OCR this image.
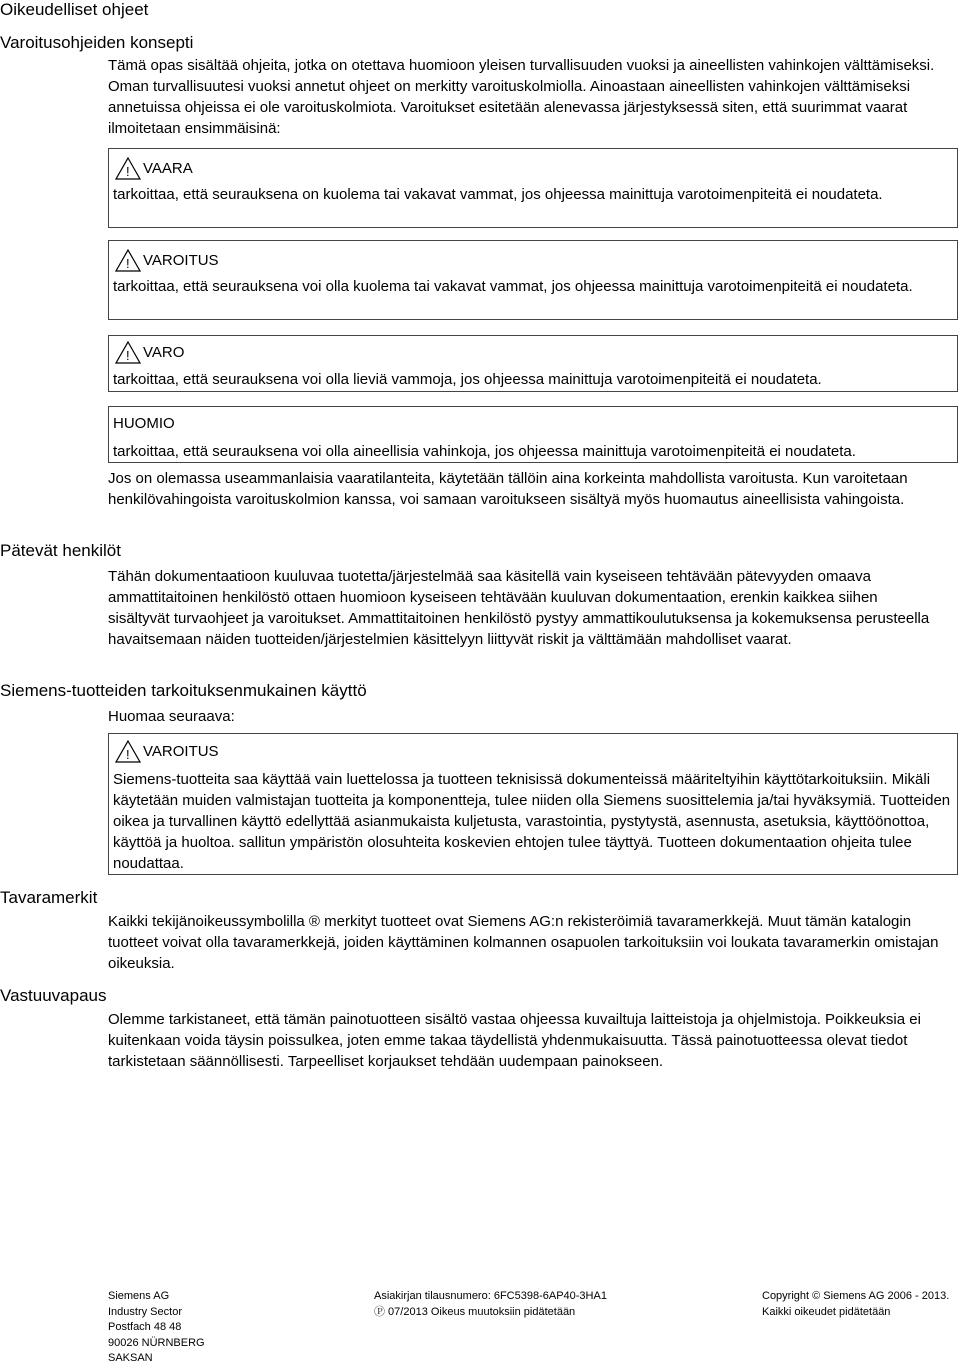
Oikeudelliset ohjeet
Varoitusohjeiden konsepti
Tämä opas sisältää ohjeita, jotka on otettava huomioon yleisen turvallisuuden vuoksi ja aineellisten vahinkojen välttämiseksi. Oman turvallisuutesi vuoksi annetut ohjeet on merkitty varoituskolmiolla. Ainoastaan aineellisten vahinkojen välttämiseksi annetuissa ohjeissa ei ole varoituskolmiota. Varoitukset esitetään alenevassa järjestyksessä siten, että suurimmat vaarat ilmoitetaan ensimmäisinä:
! VAARA
tarkoittaa, että seurauksena on kuolema tai vakavat vammat, jos ohjeessa mainittuja varotoimenpiteitä ei noudateta.
! VAROITUS
tarkoittaa, että seurauksena voi olla kuolema tai vakavat vammat, jos ohjeessa mainittuja varotoimenpiteitä ei noudateta.
! VARO
tarkoittaa, että seurauksena voi olla lieviä vammoja, jos ohjeessa mainittuja varotoimenpiteitä ei noudateta.
HUOMIO
tarkoittaa, että seurauksena voi olla aineellisia vahinkoja, jos ohjeessa mainittuja varotoimenpiteitä ei noudateta.
Jos on olemassa useammanlaisia vaaratilanteita, käytetään tällöin aina korkeinta mahdollista varoitusta. Kun varoitetaan henkilövahingoista varoituskolmion kanssa, voi samaan varoitukseen sisältyä myös huomautus aineellisista vahingoista.
Pätevät henkilöt
Tähän dokumentaatioon kuuluvaa tuotetta/järjestelmää saa käsitellä vain kyseiseen tehtävään pätevyyden omaava ammattitaitoinen henkilöstö ottaen huomioon kyseiseen tehtävään kuuluvan dokumentaation, erenkin kaikkea siihen sisältyvät turvaohjeet ja varoitukset. Ammattitaitoinen henkilöstö pystyy ammattikoulutuksensa ja kokemuksensa perusteella havaitsemaan näiden tuotteiden/järjestelmien käsittelyyn liittyvät riskit ja välttämään mahdolliset vaarat.
Siemens-tuotteiden tarkoituksenmukainen käyttö
Huomaa seuraava:
! VAROITUS
Siemens-tuotteita saa käyttää vain luettelossa ja tuotteen teknisissä dokumenteissä määriteltyihin käyttötarkoituksiin. Mikäli käytetään muiden valmistajan tuotteita ja komponentteja, tulee niiden olla Siemens suosittelemia ja/tai hyväksymiä. Tuotteiden oikea ja turvallinen käyttö edellyttää asianmukaista kuljetusta, varastointia, pystytystä, asennusta, asetuksia, käyttöönottoa, käyttöä ja huoltoa. sallitun ympäristön olosuhteita koskevien ehtojen tulee täyttyä. Tuotteen dokumentaation ohjeita tulee noudattaa.
Tavaramerkit
Kaikki tekijänoikeussymbolilla ® merkityt tuotteet ovat Siemens AG:n rekisteröimiä tavaramerkkejä. Muut tämän katalogin tuotteet voivat olla tavaramerkkejä, joiden käyttäminen kolmannen osapuolen tarkoituksiin voi loukata tavaramerkin omistajan oikeuksia.
Vastuuvapaus
Olemme tarkistaneet, että tämän painotuotteen sisältö vastaa ohjeessa kuvailtuja laitteistoja ja ohjelmistoja. Poikkeuksia ei kuitenkaan voida täysin poissulkea, joten emme takaa täydellistä yhdenmukaisuutta. Tässä painotuotteessa olevat tiedot tarkistetaan säännöllisesti. Tarpeelliset korjaukset tehdään uudempaan painokseen.
Siemens AG
Industry Sector
Postfach 48 48
90026 NÜRNBERG
SAKSAN
Asiakirjan tilausnumero: 6FC5398-6AP40-3HA1
Ⓟ 07/2013 Oikeus muutoksiin pidätetään
Copyright © Siemens AG 2006 - 2013.
Kaikki oikeudet pidätetään
